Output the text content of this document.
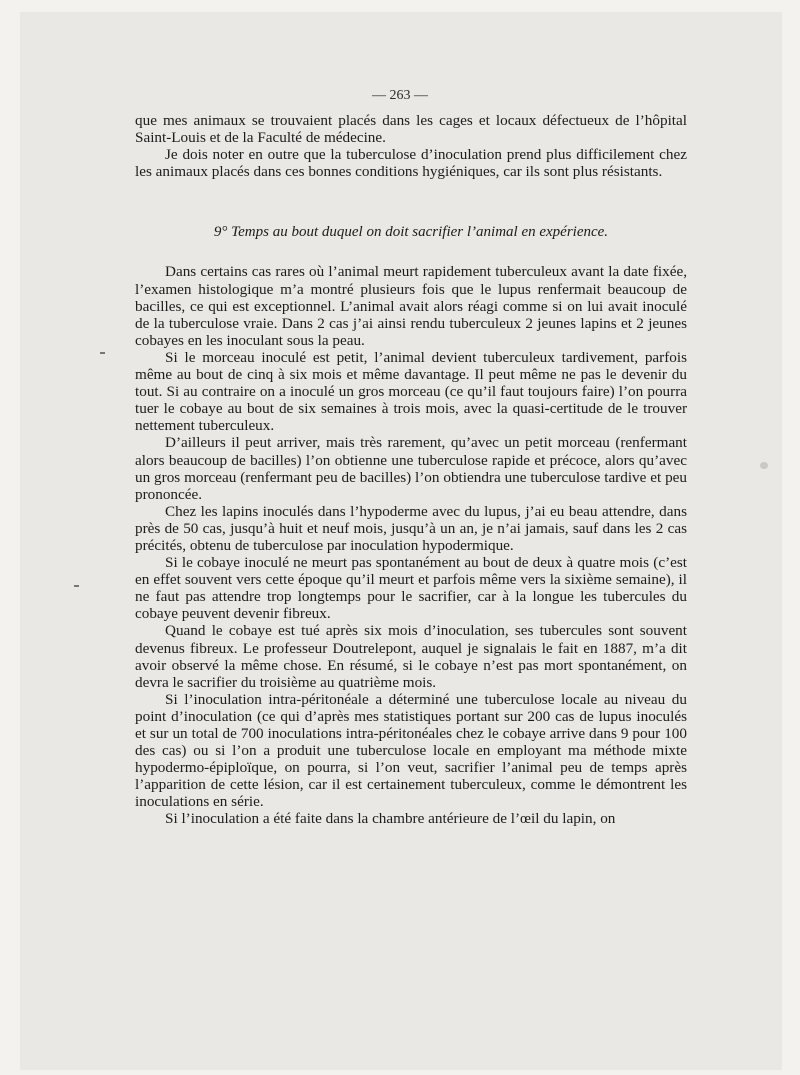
— 263 —

que mes animaux se trouvaient placés dans les cages et locaux défectueux de l’hôpital Saint-Louis et de la Faculté de médecine.

Je dois noter en outre que la tuberculose d’inoculation prend plus difficilement chez les animaux placés dans ces bonnes conditions hygiéniques, car ils sont plus résistants.

9° Temps au bout duquel on doit sacrifier l’animal en expérience.

Dans certains cas rares où l’animal meurt rapidement tuberculeux avant la date fixée, l’examen histologique m’a montré plusieurs fois que le lupus renfermait beaucoup de bacilles, ce qui est exceptionnel. L’animal avait alors réagi comme si on lui avait inoculé de la tuberculose vraie. Dans 2 cas j’ai ainsi rendu tuberculeux 2 jeunes lapins et 2 jeunes cobayes en les inoculant sous la peau.

Si le morceau inoculé est petit, l’animal devient tuberculeux tardivement, parfois même au bout de cinq à six mois et même davantage. Il peut même ne pas le devenir du tout. Si au contraire on a inoculé un gros morceau (ce qu’il faut toujours faire) l’on pourra tuer le cobaye au bout de six semaines à trois mois, avec la quasi-certitude de le trouver nettement tuberculeux.

D’ailleurs il peut arriver, mais très rarement, qu’avec un petit morceau (renfermant alors beaucoup de bacilles) l’on obtienne une tuberculose rapide et précoce, alors qu’avec un gros morceau (renfermant peu de bacilles) l’on obtiendra une tuberculose tardive et peu prononcée.

Chez les lapins inoculés dans l’hypoderme avec du lupus, j’ai eu beau attendre, dans près de 50 cas, jusqu’à huit et neuf mois, jusqu’à un an, je n’ai jamais, sauf dans les 2 cas précités, obtenu de tuberculose par inoculation hypodermique.

Si le cobaye inoculé ne meurt pas spontanément au bout de deux à quatre mois (c’est en effet souvent vers cette époque qu’il meurt et parfois même vers la sixième semaine), il ne faut pas attendre trop longtemps pour le sacrifier, car à la longue les tubercules du cobaye peuvent devenir fibreux.

Quand le cobaye est tué après six mois d’inoculation, ses tubercules sont souvent devenus fibreux. Le professeur Doutrelepont, auquel je signalais le fait en 1887, m’a dit avoir observé la même chose. En résumé, si le cobaye n’est pas mort spontanément, on devra le sacrifier du troisième au quatrième mois.

Si l’inoculation intra-péritonéale a déterminé une tuberculose locale au niveau du point d’inoculation (ce qui d’après mes statistiques portant sur 200 cas de lupus inoculés et sur un total de 700 inoculations intra-péritonéales chez le cobaye arrive dans 9 pour 100 des cas) ou si l’on a produit une tuberculose locale en employant ma méthode mixte hypodermo-épiploïque, on pourra, si l’on veut, sacrifier l’animal peu de temps après l’apparition de cette lésion, car il est certainement tuberculeux, comme le démontrent les inoculations en série.

Si l’inoculation a été faite dans la chambre antérieure de l’œil du lapin, on
